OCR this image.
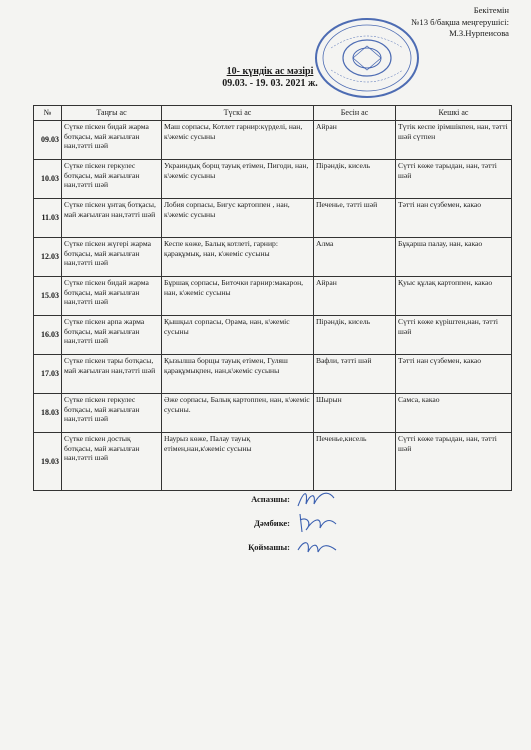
Бекітемін
№13 б/бақша меңгерушісі:
М.З.Нурпеисова
10- күндік ас мәзірі
09.03. - 19. 03. 2021 ж.
№	Таңғы ас	Түскі ас	Бесін ас	Кешкі ас
09.03	Сүтке піскен бидай жарма ботқасы, май жағылған нан,тәтті шәй	Маш сорпасы, Котлет гарнир:күрделі, нан, к\жеміс сусыны	Айран	Түтік кеспе ірімшікпен, нан, тәтті шәй сүтпен
10.03	Сүтке піскен геркулес ботқасы, май жағылған нан,тәтті шәй	Украиндық борщ тауық етімен, Пигоди, нан, к\жеміс сусыны	Пірәндік, кисель	Сүтті көже тарыдан, нан, тәтті шәй
11.03	Сүтке піскен ұнтақ ботқасы, май жағылған нан,тәтті шәй	Лобия сорпасы, Бигус картоппен , нан, к\жеміс сусыны	Печенье, тәтті шәй	Тәтті нан сүзбемен, какао
12.03	Сүтке піскен жүгері жарма ботқасы, май жағылған нан,тәтті шәй	Кеспе көже, Балық котлеті, гарнир: қарақұмық, нан, к\жеміс сусыны	Алма	Бұқарша палау, нан, какао
15.03	Сүтке піскен бидай жарма ботқасы, май жағылған нан,тәтті шәй	Бұршақ сорпасы, Биточки гарнир:макарон, нан, к\жеміс сусыны	Айран	Қуыс құлақ картоппен, какао
16.03	Сүтке піскен арпа жарма ботқасы, май жағылған нан,тәтті шәй	Қышқыл сорпасы, Орама, нан, к\жеміс сусыны	Пірәндік, кисель	Сүтті көже күріштен,нан, тәтті шәй
17.03	Сүтке піскен тары ботқасы, май жағылған нан,тәтті шәй	Қызылша борщы тауық етімен, Гуляш қарақұмықпен, нан,к\жеміс сусыны	Вафли, тәтті шәй	Тәтті нан сүзбемен, какао
18.03	Сүтке піскен геркулес ботқасы, май жағылған нан,тәтті шәй	Әже сорпасы, Балық картоппен, нан, к\жеміс сусыны.	Шырын	Самса, какао
19.03	Сүтке піскен достық ботқасы, май жағылған нан,тәтті шәй	Наурыз көже, Палау тауық етімен,нан,к\жеміс сусыны	Печенье,кисель	Сүтті көже тарыдан, нан, тәтті шәй
Аспазшы:
Дәмбике:
Қоймашы:
